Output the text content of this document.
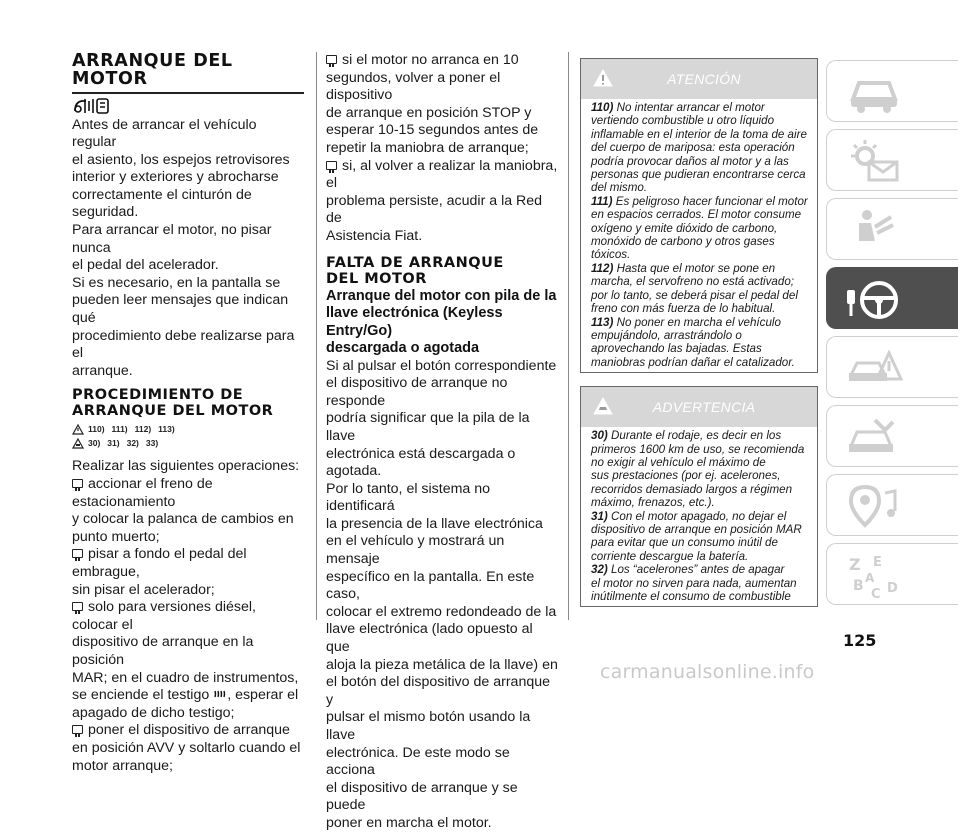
ARRANQUE DEL
MOTOR
Antes de arrancar el vehículo regular
el asiento, los espejos retrovisores
interior y exteriores y abrocharse
correctamente el cinturón de
seguridad.
Para arrancar el motor, no pisar nunca
el pedal del acelerador.
Si es necesario, en la pantalla se
pueden leer mensajes que indican qué
procedimiento debe realizarse para el
arranque.
PROCEDIMIENTO DE
ARRANQUE DEL MOTOR
110) 111) 112) 113)
30) 31) 32) 33)
Realizar las siguientes operaciones:
accionar el freno de estacionamiento
y colocar la palanca de cambios en
punto muerto;
pisar a fondo el pedal del embrague,
sin pisar el acelerador;
solo para versiones diésel, colocar el
dispositivo de arranque en la posición
MAR; en el cuadro de instrumentos,
se enciende el testigo , esperar el
apagado de dicho testigo;
poner el dispositivo de arranque
en posición AVV y soltarlo cuando el
motor arranque;
si el motor no arranca en 10
segundos, volver a poner el dispositivo
de arranque en posición STOP y
esperar 10-15 segundos antes de
repetir la maniobra de arranque;
si, al volver a realizar la maniobra, el
problema persiste, acudir a la Red de
Asistencia Fiat.
FALTA DE ARRANQUE
DEL MOTOR
Arranque del motor con pila de la
llave electrónica (Keyless Entry/Go)
descargada o agotada
Si al pulsar el botón correspondiente
el dispositivo de arranque no responde
podría significar que la pila de la llave
electrónica está descargada o agotada.
Por lo tanto, el sistema no identificará
la presencia de la llave electrónica
en el vehículo y mostrará un mensaje
específico en la pantalla. En este caso,
colocar el extremo redondeado de la
llave electrónica (lado opuesto al que
aloja la pieza metálica de la llave) en
el botón del dispositivo de arranque y
pulsar el mismo botón usando la llave
electrónica. De este modo se acciona
el dispositivo de arranque y se puede
poner en marcha el motor.
ATENCIÓN
110) No intentar arrancar el motor
vertiendo combustible u otro líquido
inflamable en el interior de la toma de aire
del cuerpo de mariposa: esta operación
podría provocar daños al motor y a las
personas que pudieran encontrarse cerca
del mismo.
111) Es peligroso hacer funcionar el motor
en espacios cerrados. El motor consume
oxígeno y emite dióxido de carbono,
monóxido de carbono y otros gases
tóxicos.
112) Hasta que el motor se pone en
marcha, el servofreno no está activado;
por lo tanto, se deberá pisar el pedal del
freno con más fuerza de lo habitual.
113) No poner en marcha el vehículo
empujándolo, arrastrándolo o
aprovechando las bajadas. Estas
maniobras podrían dañar el catalizador.
ADVERTENCIA
30) Durante el rodaje, es decir en los
primeros 1600 km de uso, se recomienda
no exigir al vehículo el máximo de
sus prestaciones (por ej. acelerones,
recorridos demasiado largos a régimen
máximo, frenazos, etc.).
31) Con el motor apagado, no dejar el
dispositivo de arranque en posición MAR
para evitar que un consumo inútil de
corriente descargue la batería.
32) Los “acelerones” antes de apagar
el motor no sirven para nada, aumentan
inútilmente el consumo de combustible
Z E
B
C D
A
125
carmanualsonline.info
